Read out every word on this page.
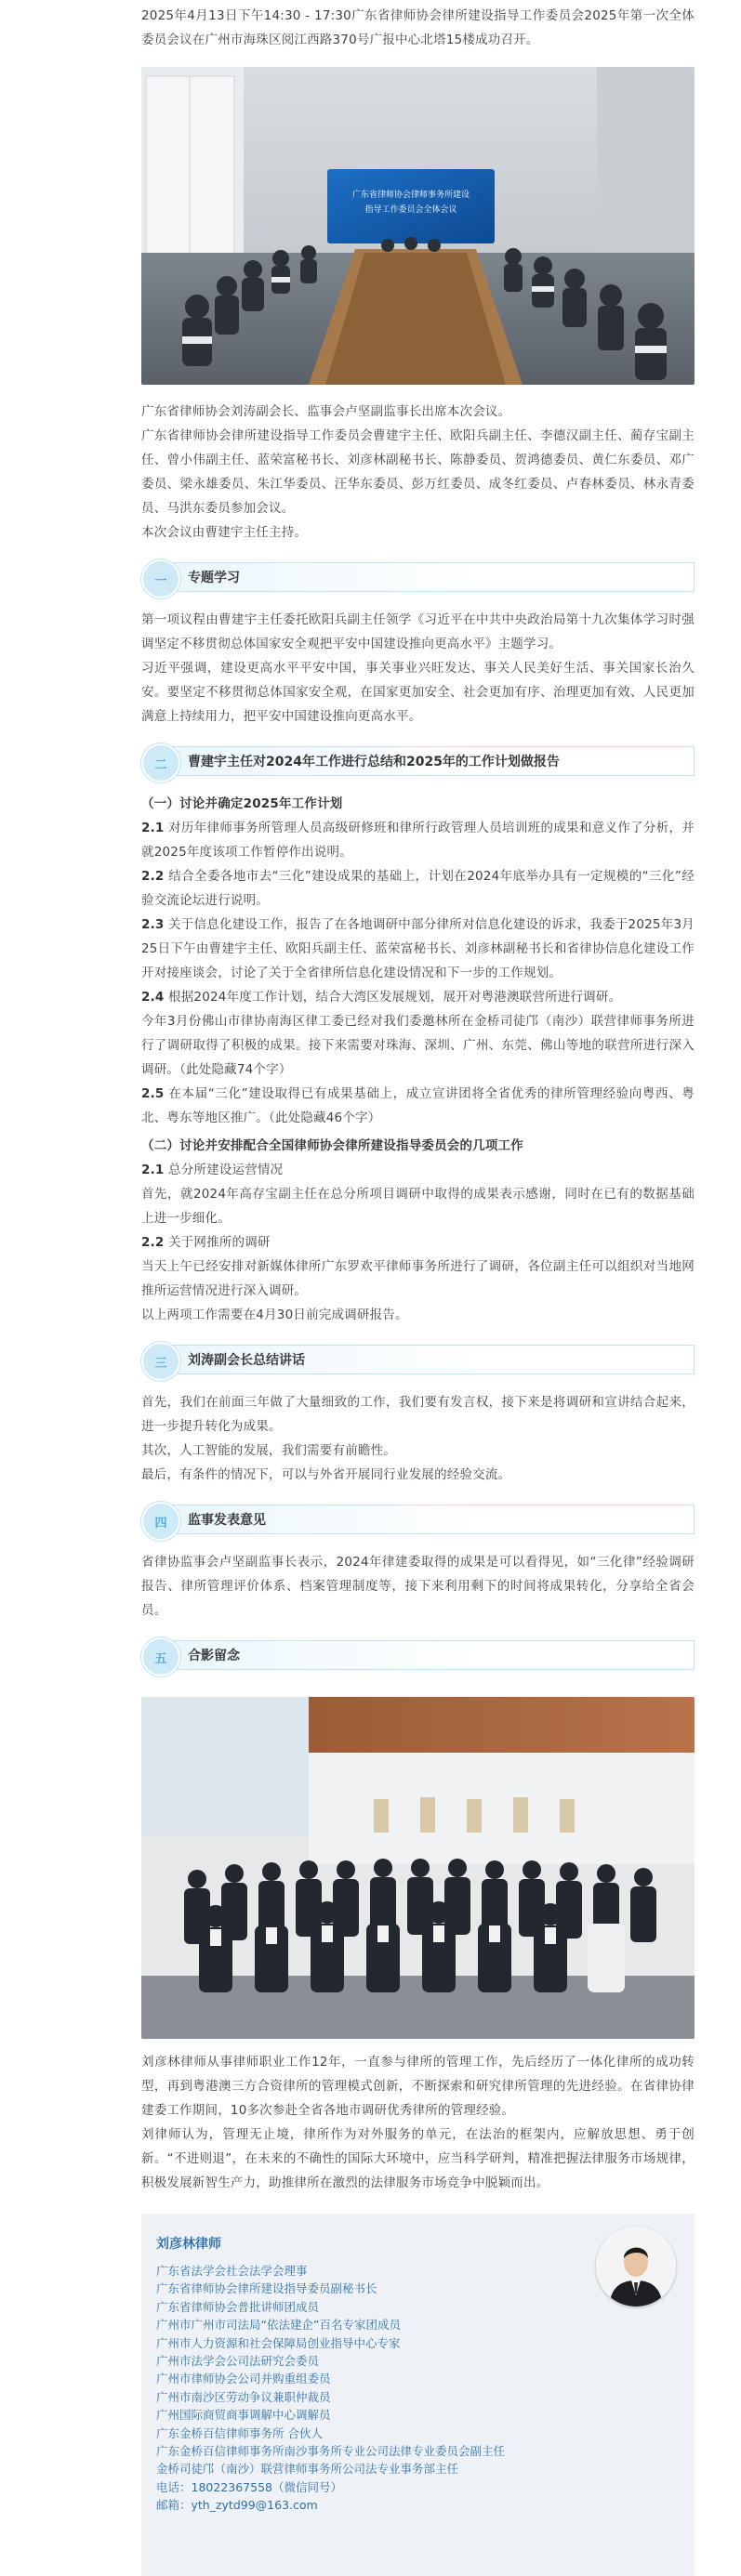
2025年4月13日下午14:30 - 17:30广东省律师协会律所建设指导工作委员会2025年第一次全体委员会议在广州市海珠区阅江西路370号广报中心北塔15楼成功召开。

广东省律师协会律师事务所建设
指导工作委员会全体会议

广东省律师协会刘涛副会长、监事会卢坚副监事长出席本次会议。

广东省律师协会律所建设指导工作委员会曹建宇主任、欧阳兵副主任、李德汉副主任、蔺存宝副主任、曾小伟副主任、蓝荣富秘书长、刘彦林副秘书长、陈静委员、贺鸿德委员、黄仁东委员、邓广委员、梁永雄委员、朱江华委员、汪华东委员、彭万红委员、成冬红委员、卢春林委员、林永青委员、马洪东委员参加会议。

本次会议由曹建宇主任主持。

一	专题学习

第一项议程由曹建宇主任委托欧阳兵副主任领学《习近平在中共中央政治局第十九次集体学习时强调坚定不移贯彻总体国家安全观把平安中国建设推向更高水平》主题学习。

习近平强调，建设更高水平平安中国，事关事业兴旺发达、事关人民美好生活、事关国家长治久安。要坚定不移贯彻总体国家安全观，在国家更加安全、社会更加有序、治理更加有效、人民更加满意上持续用力，把平安中国建设推向更高水平。

二	曹建宇主任对2024年工作进行总结和2025年的工作计划做报告

（一）讨论并确定2025年工作计划

2.1 对历年律师事务所管理人员高级研修班和律所行政管理人员培训班的成果和意义作了分析，并就2025年度该项工作暂停作出说明。

2.2 结合全委各地市去“三化”建设成果的基础上，计划在2024年底举办具有一定规模的“三化”经验交流论坛进行说明。

2.3 关于信息化建设工作，报告了在各地调研中部分律所对信息化建设的诉求，我委于2025年3月25日下午由曹建宇主任、欧阳兵副主任、蓝荣富秘书长、刘彦林副秘书长和省律协信息化建设工作开对接座谈会，讨论了关于全省律所信息化建设情况和下一步的工作规划。

2.4 根据2024年度工作计划，结合大湾区发展规划，展开对粤港澳联营所进行调研。

今年3月份佛山市律协南海区律工委已经对我们委邀林所在金桥司徒邝（南沙）联营律师事务所进行了调研取得了积极的成果。接下来需要对珠海、深圳、广州、东莞、佛山等地的联营所进行深入调研。（此处隐藏74个字）

2.5 在本届“三化”建设取得已有成果基础上，成立宣讲团将全省优秀的律所管理经验向粤西、粤北、粤东等地区推广。（此处隐藏46个字）

（二）讨论并安排配合全国律师协会律所建设指导委员会的几项工作

2.1 总分所建设运营情况

首先，就2024年高存宝副主任在总分所项目调研中取得的成果表示感谢，同时在已有的数据基础上进一步细化。

2.2 关于网推所的调研

当天上午已经安排对新媒体律所广东罗欢平律师事务所进行了调研，各位副主任可以组织对当地网推所运营情况进行深入调研。

以上两项工作需要在4月30日前完成调研报告。

三	刘涛副会长总结讲话

首先，我们在前面三年做了大量细致的工作，我们要有发言权，接下来是将调研和宣讲结合起来，进一步提升转化为成果。

其次，人工智能的发展，我们需要有前瞻性。

最后，有条件的情况下，可以与外省开展同行业发展的经验交流。

四	监事发表意见

省律协监事会卢坚副监事长表示，2024年律建委取得的成果是可以看得见，如“三化律”经验调研报告、律所管理评价体系、档案管理制度等，接下来利用剩下的时间将成果转化，分享给全省会员。

五	合影留念

刘彦林律师从事律师职业工作12年，一直参与律所的管理工作，先后经历了一体化律所的成功转型，再到粤港澳三方合资律所的管理模式创新，不断探索和研究律所管理的先进经验。在省律协律建委工作期间，10多次参赴全省各地市调研优秀律所的管理经验。

刘律师认为，管理无止境，律所作为对外服务的单元，在法治的框架内，应解放思想、勇于创新。“不进则退”，在未来的不确性的国际大环境中，应当科学研判，精准把握法律服务市场规律，积极发展新智生产力，助推律所在激烈的法律服务市场竞争中脱颖而出。

刘彦林律师
广东省法学会社会法学会理事
广东省律师协会律所建设指导委员副秘书长
广东省律师协会普批讲师团成员
广州市广州市司法局“依法建企”百名专家团成员
广州市人力资源和社会保障局创业指导中心专家
广州市法学会公司法研究会委员
广州市律师协会公司并购重组委员
广州市南沙区劳动争议兼职仲裁员
广州国际商贸商事调解中心调解员
广东金桥百信律师事务所 合伙人
广东金桥百信律师事务所南沙事务所专业公司法律专业委员会副主任
金桥司徒邝（南沙）联营律师事务所公司法专业事务部主任
电话：18022367558（微信同号）
邮箱：yth_zytd99@163.com
